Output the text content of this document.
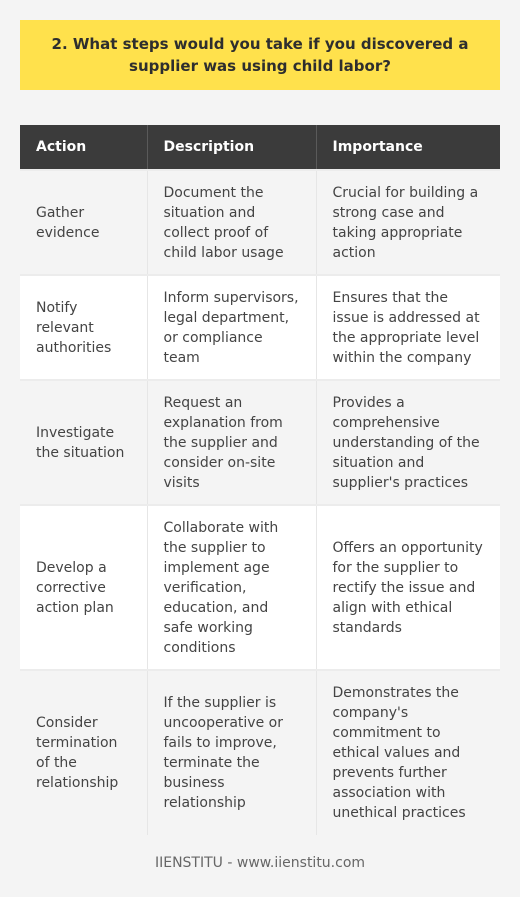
2. What steps would you take if you discovered a supplier was using child labor?
Action	Description	Importance
Gather evidence	Document the situation and collect proof of child labor usage	Crucial for building a strong case and taking appropriate action
Notify relevant authorities	Inform supervisors, legal department, or compliance team	Ensures that the issue is addressed at the appropriate level within the company
Investigate the situation	Request an explanation from the supplier and consider on-site visits	Provides a comprehensive understanding of the situation and supplier's practices
Develop a corrective action plan	Collaborate with the supplier to implement age verification, education, and safe working conditions	Offers an opportunity for the supplier to rectify the issue and align with ethical standards
Consider termination of the relationship	If the supplier is uncooperative or fails to improve, terminate the business relationship	Demonstrates the company's commitment to ethical values and prevents further association with unethical practices
IIENSTITU - www.iienstitu.com
